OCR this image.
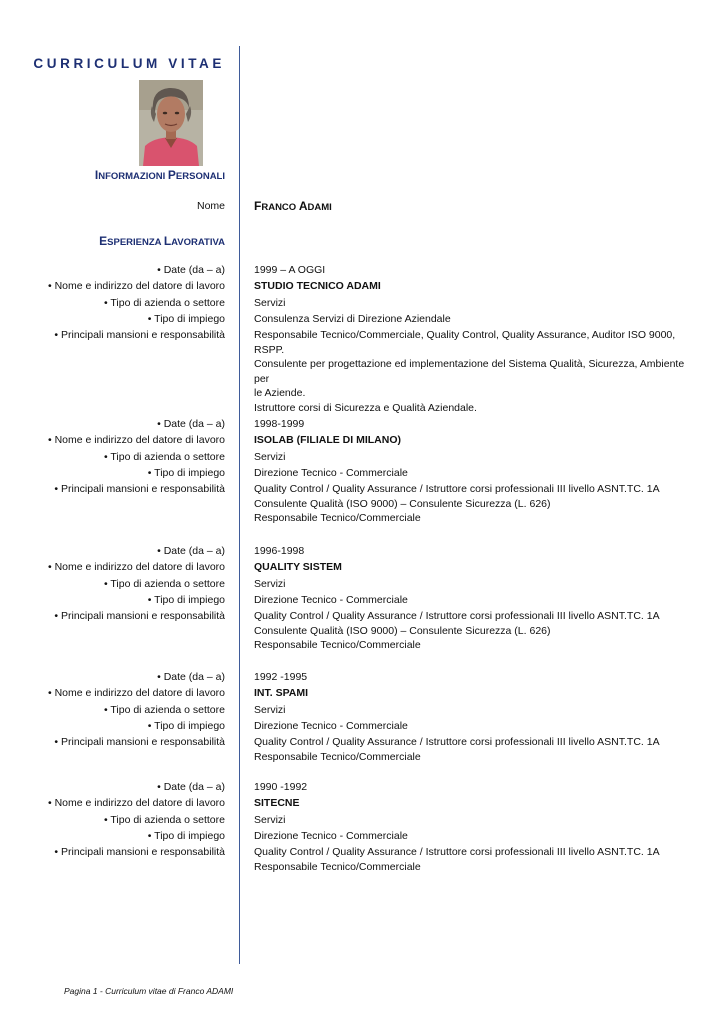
CURRICULUM VITAE
INFORMAZIONI PERSONALI
Nome FRANCO ADAMI
ESPERIENZA LAVORATIVA
• Date (da – a)	1999 – A OGGI
• Nome e indirizzo del datore di lavoro	STUDIO TECNICO ADAMI
• Tipo di azienda o settore	Servizi
• Tipo di impiego	Consulenza Servizi di Direzione Aziendale
• Principali mansioni e responsabilità	Responsabile Tecnico/Commerciale, Quality Control, Quality Assurance, Auditor ISO 9000,
RSPP.
Consulente per progettazione ed implementazione del Sistema Qualità, Sicurezza, Ambiente per
le Aziende.
Istruttore corsi di Sicurezza e Qualità Aziendale.
• Date (da – a)	1998-1999
• Nome e indirizzo del datore di lavoro	ISOLAB (FILIALE DI MILANO)
• Tipo di azienda o settore	Servizi
• Tipo di impiego	Direzione Tecnico - Commerciale
• Principali mansioni e responsabilità	Quality Control / Quality Assurance / Istruttore corsi professionali III livello ASNT.TC. 1A
Consulente Qualità (ISO 9000) – Consulente Sicurezza (L. 626)
Responsabile Tecnico/Commerciale
• Date (da – a)	1996-1998
• Nome e indirizzo del datore di lavoro	QUALITY SISTEM
• Tipo di azienda o settore	Servizi
• Tipo di impiego	Direzione Tecnico - Commerciale
• Principali mansioni e responsabilità	Quality Control / Quality Assurance / Istruttore corsi professionali III livello ASNT.TC. 1A
Consulente Qualità (ISO 9000) – Consulente Sicurezza (L. 626)
Responsabile Tecnico/Commerciale
• Date (da – a)	1992 -1995
• Nome e indirizzo del datore di lavoro	INT. SPAMI
• Tipo di azienda o settore	Servizi
• Tipo di impiego	Direzione Tecnico - Commerciale
• Principali mansioni e responsabilità	Quality Control / Quality Assurance / Istruttore corsi professionali III livello ASNT.TC. 1A
Responsabile Tecnico/Commerciale
• Date (da – a)	1990 -1992
• Nome e indirizzo del datore di lavoro	SITECNE
• Tipo di azienda o settore	Servizi
• Tipo di impiego	Direzione Tecnico - Commerciale
• Principali mansioni e responsabilità	Quality Control / Quality Assurance / Istruttore corsi professionali III livello ASNT.TC. 1A
Responsabile Tecnico/Commerciale
Pagina 1 - Curriculum vitae di Franco ADAMI
